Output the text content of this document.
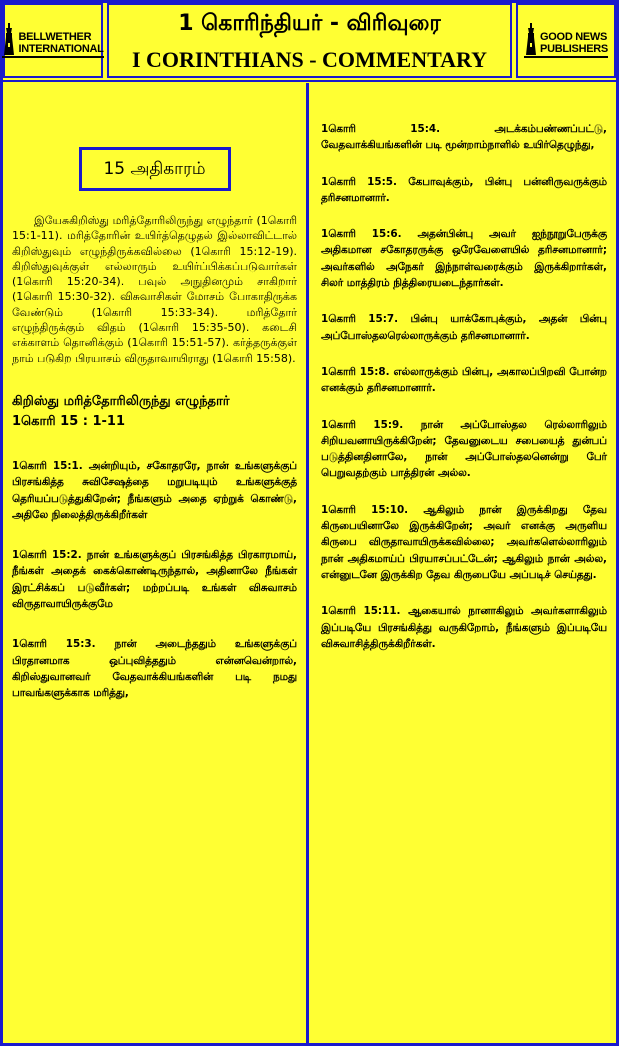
BELLWETHER
INTERNATIONAL
1 கொரிந்தியர் - விரிவுரை
I CORINTHIANS - COMMENTARY
GOOD NEWS
PUBLISHERS
15 அதிகாரம்

இயேசுகிறிஸ்து மரித்தோரிலிருந்து எழுந்தார் (1கொரி 15:1-11). மரித்தோரின் உயிர்த்தெழுதல் இல்லாவிட்டால் கிறிஸ்துவும் எழுந்திருக்கவில்லை (1கொரி 15:12-19). கிறிஸ்துவுக்குள் எல்லாரும் உயிர்ப்பிக்கப்படுவார்கள் (1கொரி 15:20-34). பவுல் அநுதினமும் சாகிறார் (1கொரி 15:30-32). விசுவாசிகள் மோசம் போகாதிருக்க வேண்டும் (1கொரி 15:33-34). மரித்தோர் எழுந்திருக்கும் விதம் (1கொரி 15:35-50). கடைசி எக்காளம் தொனிக்கும் (1கொரி 15:51-57). கர்த்தருக்குள் நாம் படுகிற பிரயாசம் விருதாவாயிராது (1கொரி 15:58).

கிறிஸ்து மரித்தோரிலிருந்து எழுந்தார்
1கொரி 15 : 1-11

1கொரி 15:1. அன்றியும், சகோதரரே, நான் உங்களுக்குப் பிரசங்கித்த சுவிசேஷத்தை மறுபடியும் உங்களுக்குத் தெரியப்படுத்துகிறேன்; நீங்களும் அதை ஏற்றுக் கொண்டு, அதிலே நிலைத்திருக்கிறீர்கள்

1கொரி 15:2. நான் உங்களுக்குப் பிரசங்கித்த பிரகாரமாய், நீங்கள் அதைக் கைக்கொண்டிருந்தால், அதினாலே நீங்கள் இரட்சிக்கப் படுவீர்கள்; மற்றப்படி உங்கள் விசுவாசம் விருதாவாயிருக்குமே

1கொரி 15:3. நான் அடைந்ததும் உங்களுக்குப் பிரதானமாக ஒப்புவித்ததும் என்னவென்றால், கிறிஸ்துவானவர் வேதவாக்கியங்களின் படி நமது பாவங்களுக்காக மரித்து,

1கொரி 15:4. அடக்கம்பண்ணப்பட்டு, வேதவாக்கியங்களின் படி மூன்றாம்நாளில் உயிர்தெழுந்து,

1கொரி 15:5. கேபாவுக்கும், பின்பு பன்னிருவருக்கும் தரிசனமானார்.

1கொரி 15:6. அதன்பின்பு அவர் ஐந்நூறுபேருக்கு அதிகமான சகோதரருக்கு ஒரேவேளையில் தரிசனமானார்; அவர்களில் அநேகர் இந்நாள்வரைக்கும் இருக்கிறார்கள், சிலர் மாத்திரம் நித்திரையடைந்தார்கள்.

1கொரி 15:7. பின்பு யாக்கோபுக்கும், அதன் பின்பு அப்போஸ்தலரெல்லாருக்கும் தரிசனமானார்.

1கொரி 15:8. எல்லாருக்கும் பின்பு, அகாலப்பிறவி போன்ற எனக்கும் தரிசனமானார்.

1கொரி 15:9. நான் அப்போஸ்தல ரெல்லாரிலும் சிறியவனாயிருக்கிறேன்; தேவனுடைய சபையைத் துன்பப் படுத்தினதினாலே, நான் அப்போஸ்தலனென்று பேர் பெறுவதற்கும் பாத்திரன் அல்ல.

1கொரி 15:10. ஆகிலும் நான் இருக்கிறது தேவ கிருபையினாலே இருக்கிறேன்; அவர் எனக்கு அருளிய கிருபை விருதாவாயிருக்கவில்லை; அவர்களெல்லாரிலும் நான் அதிகமாய்ப் பிரயாசப்பட்டேன்; ஆகிலும் நான் அல்ல, என்னுடனே இருக்கிற தேவ கிருபையே அப்படிச் செய்தது.

1கொரி 15:11. ஆகையால் நானாகிலும் அவர்களாகிலும் இப்படியே பிரசங்கித்து வருகிறோம், நீங்களும் இப்படியே விசுவாசித்திருக்கிறீர்கள்.
